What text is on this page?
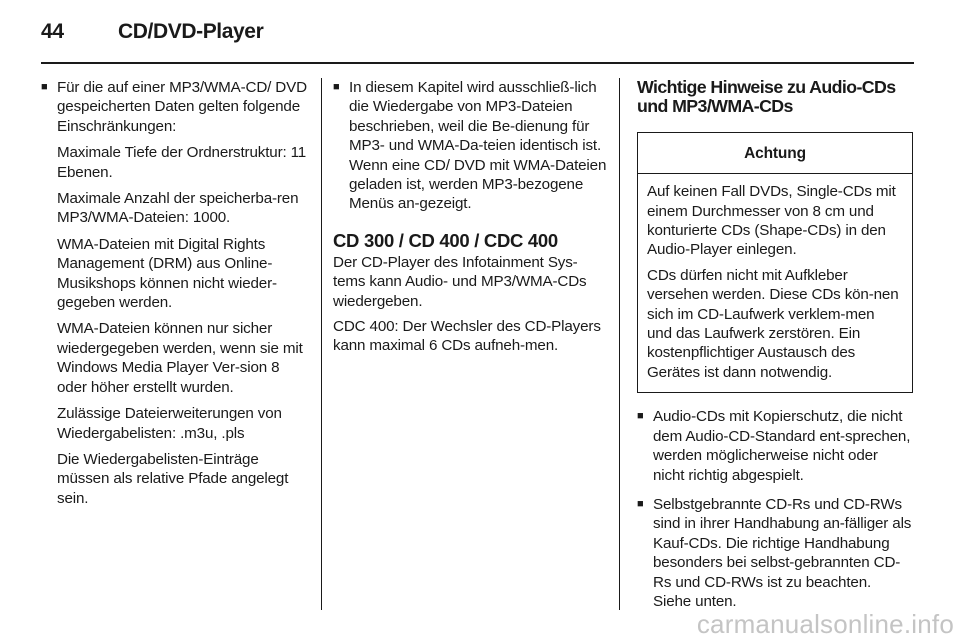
44	CD/DVD-Player
■ Für die auf einer MP3/WMA-CD/ DVD gespeicherten Daten gelten folgende Einschränkungen:

Maximale Tiefe der Ordnerstruktur: 11 Ebenen.

Maximale Anzahl der speicherba-ren MP3/WMA-Dateien: 1000.

WMA-Dateien mit Digital Rights Management (DRM) aus Online-Musikshops können nicht wieder-gegeben werden.

WMA-Dateien können nur sicher wiedergegeben werden, wenn sie mit Windows Media Player Ver-sion 8 oder höher erstellt wurden.

Zulässige Dateierweiterungen von Wiedergabelisten: .m3u, .pls

Die Wiedergabelisten-Einträge müssen als relative Pfade angelegt sein.

■ In diesem Kapitel wird ausschließ-lich die Wiedergabe von MP3-Dateien beschrieben, weil die Be-dienung für MP3- und WMA-Da-teien identisch ist. Wenn eine CD/ DVD mit WMA-Dateien geladen ist, werden MP3-bezogene Menüs an-gezeigt.
CD 300 / CD 400 / CDC 400

Der CD-Player des Infotainment Sys-tems kann Audio- und MP3/WMA-CDs wiedergeben.

CDC 400: Der Wechsler des CD-Players kann maximal 6 CDs aufneh-men.

Wichtige Hinweise zu Audio-CDs und MP3/WMA-CDs
Achtung

Auf keinen Fall DVDs, Single-CDs mit einem Durchmesser von 8 cm und konturierte CDs (Shape-CDs) in den Audio-Player einlegen.

CDs dürfen nicht mit Aufkleber versehen werden. Diese CDs kön-nen sich im CD-Laufwerk verklem-men und das Laufwerk zerstören. Ein kostenpflichtiger Austausch des Gerätes ist dann notwendig.

■ Audio-CDs mit Kopierschutz, die nicht dem Audio-CD-Standard ent-sprechen, werden möglicherweise nicht oder nicht richtig abgespielt.
■ Selbstgebrannte CD-Rs und CD-RWs sind in ihrer Handhabung an-fälliger als Kauf-CDs. Die richtige Handhabung besonders bei selbst-gebrannten CD-Rs und CD-RWs ist zu beachten. Siehe unten.
carmanualsonline.info
